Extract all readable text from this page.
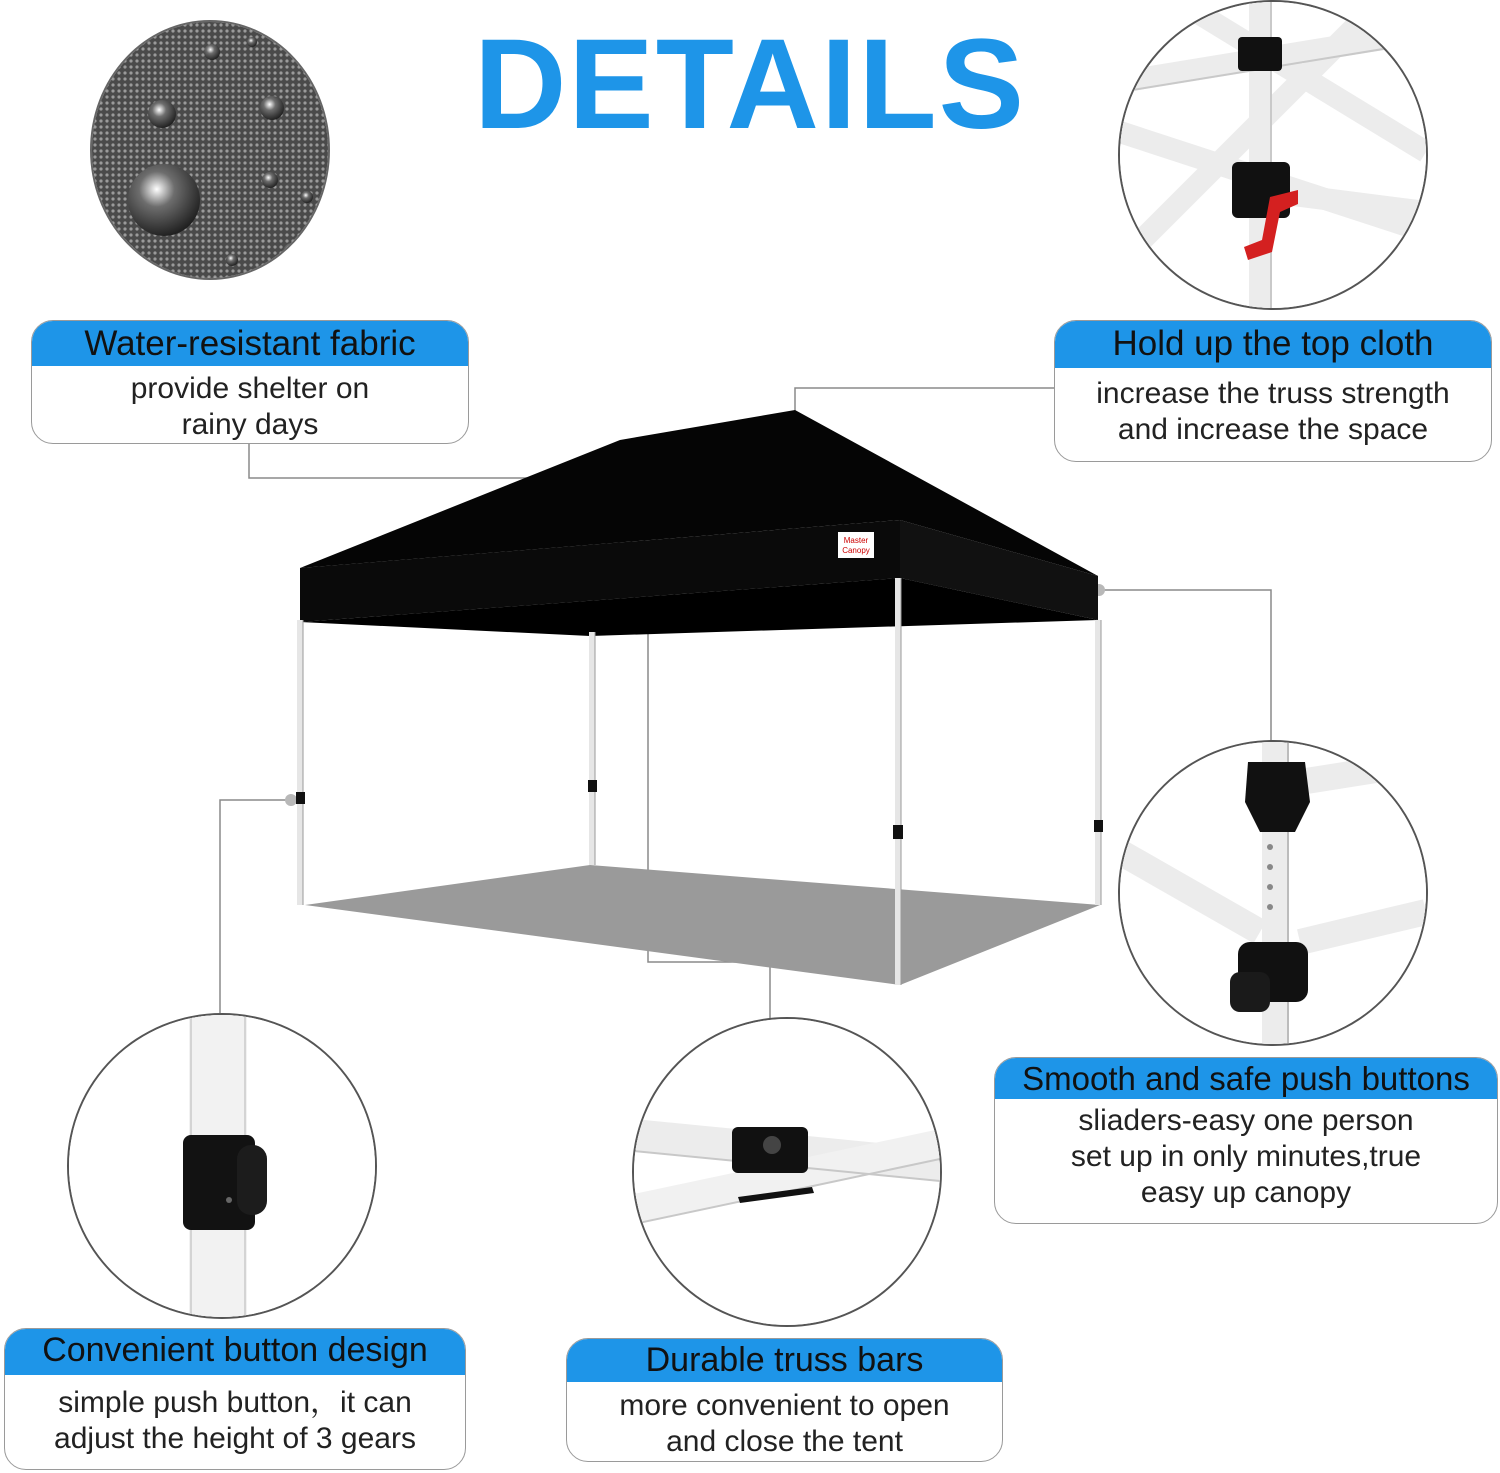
DETAILS
Master
Canopy
Water-resistant fabric
provide shelter on
rainy days
Hold up the top cloth
increase the truss strength
and increase the space
Smooth and safe push buttons
sliaders-easy one person
set up in only minutes,true
easy up canopy
Convenient button design
simple push button，it can
adjust the height of 3 gears
Durable truss bars
more convenient to open
and close the tent
